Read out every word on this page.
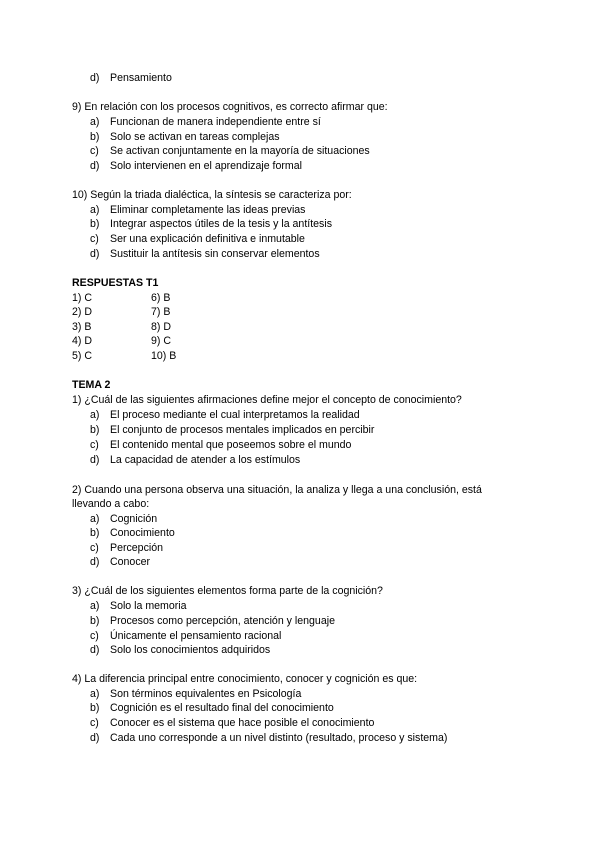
d) Pensamiento
9) En relación con los procesos cognitivos, es correcto afirmar que:
a) Funcionan de manera independiente entre sí
b) Solo se activan en tareas complejas
c) Se activan conjuntamente en la mayoría de situaciones
d) Solo intervienen en el aprendizaje formal
10) Según la triada dialéctica, la síntesis se caracteriza por:
a) Eliminar completamente las ideas previas
b) Integrar aspectos útiles de la tesis y la antítesis
c) Ser una explicación definitiva e inmutable
d) Sustituir la antítesis sin conservar elementos
RESPUESTAS T1
1) C	6) B
2) D	7) B
3) B	8) D
4) D	9) C
5) C	10) B
TEMA 2
1) ¿Cuál de las siguientes afirmaciones define mejor el concepto de conocimiento?
a) El proceso mediante el cual interpretamos la realidad
b) El conjunto de procesos mentales implicados en percibir
c) El contenido mental que poseemos sobre el mundo
d) La capacidad de atender a los estímulos
2) Cuando una persona observa una situación, la analiza y llega a una conclusión, está
llevando a cabo:
a) Cognición
b) Conocimiento
c) Percepción
d) Conocer
3) ¿Cuál de los siguientes elementos forma parte de la cognición?
a) Solo la memoria
b) Procesos como percepción, atención y lenguaje
c) Únicamente el pensamiento racional
d) Solo los conocimientos adquiridos
4) La diferencia principal entre conocimiento, conocer y cognición es que:
a) Son términos equivalentes en Psicología
b) Cognición es el resultado final del conocimiento
c) Conocer es el sistema que hace posible el conocimiento
d) Cada uno corresponde a un nivel distinto (resultado, proceso y sistema)
